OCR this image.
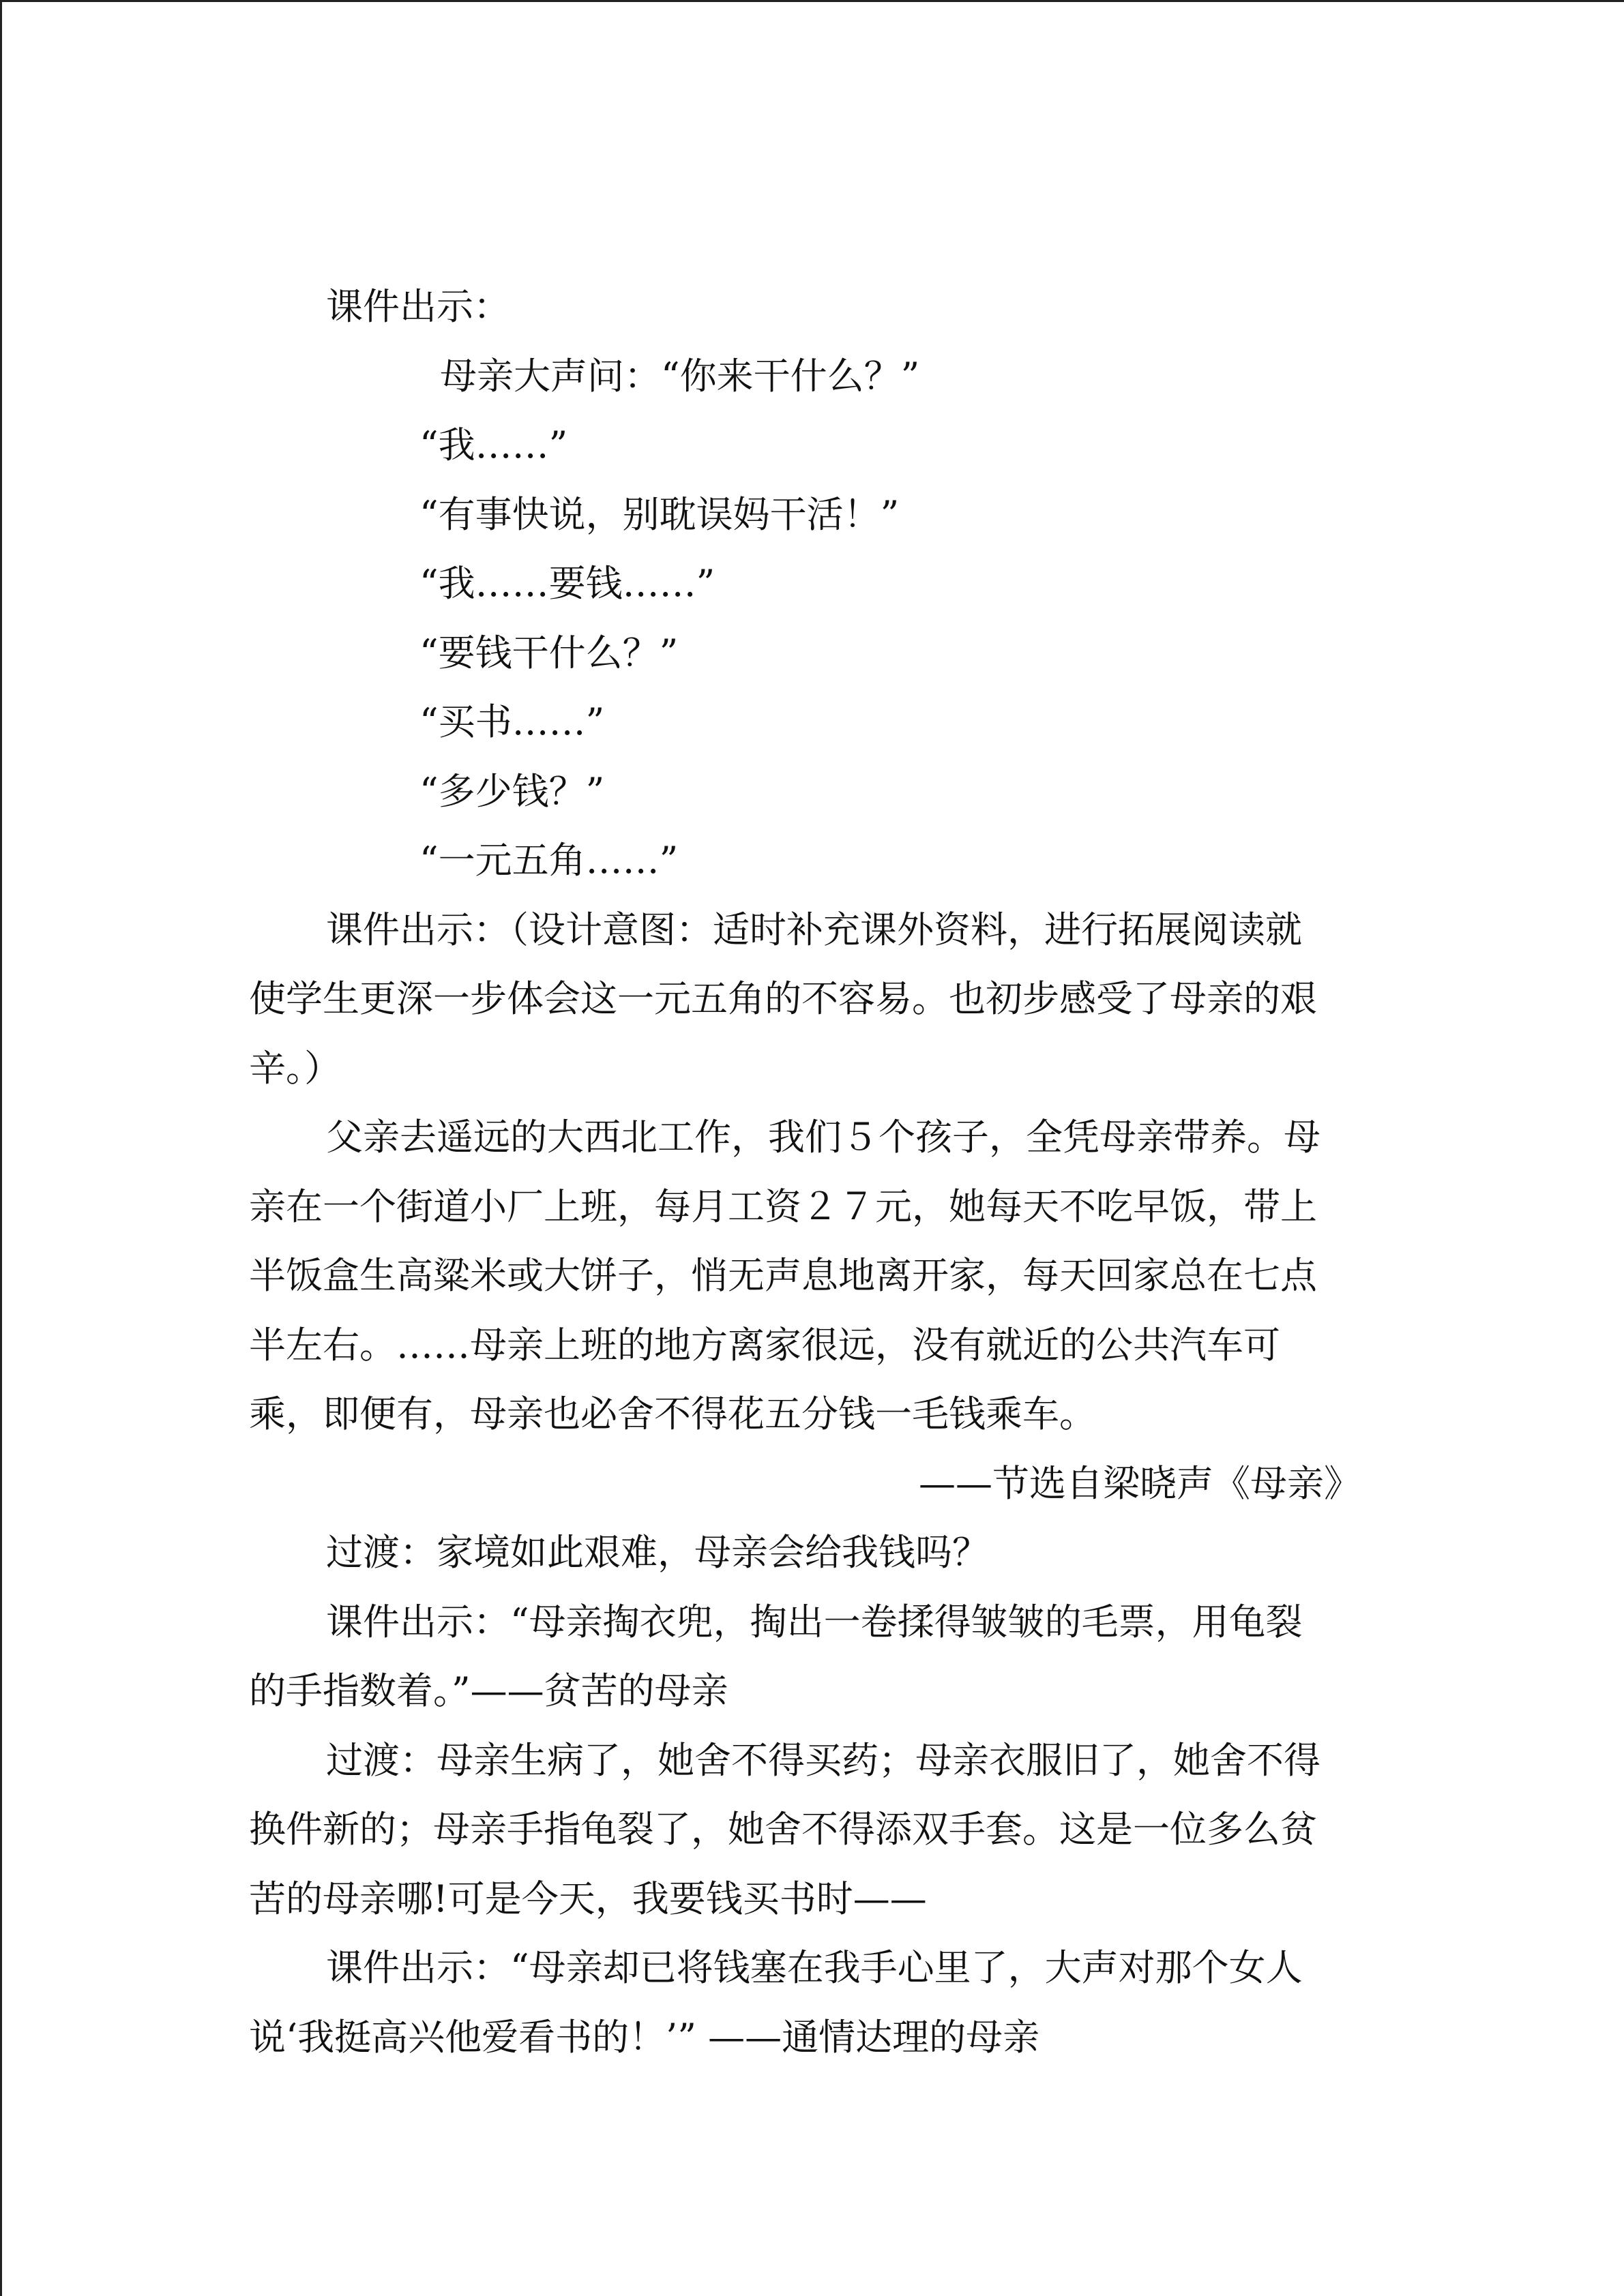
课件出示：
母亲大声问：“你来干什么？”
“我……”
“有事快说，别耽误妈干活！”
“我……要钱……”
“要钱干什么？”
“买书……”
“多少钱？”
“一元五角……”
课件出示：（设计意图：适时补充课外资料，进行拓展阅读就
使学生更深一步体会这一元五角的不容易。也初步感受了母亲的艰
辛。）
父亲去遥远的大西北工作，我们５个孩子，全凭母亲带养。母
亲在一个街道小厂上班，每月工资２７元，她每天不吃早饭，带上
半饭盒生高粱米或大饼子，悄无声息地离开家，每天回家总在七点
半左右。……母亲上班的地方离家很远，没有就近的公共汽车可
乘，即便有，母亲也必舍不得花五分钱一毛钱乘车。
——节选自梁晓声《母亲》
过渡：家境如此艰难，母亲会给我钱吗？
课件出示：“母亲掏衣兜，掏出一卷揉得皱皱的毛票，用龟裂
的手指数着。”——贫苦的母亲
过渡：母亲生病了，她舍不得买药；母亲衣服旧了，她舍不得
换件新的；母亲手指龟裂了，她舍不得添双手套。这是一位多么贫
苦的母亲哪!可是今天，我要钱买书时——
课件出示：“母亲却已将钱塞在我手心里了，大声对那个女人
说‘我挺高兴他爱看书的！’” ——通情达理的母亲
